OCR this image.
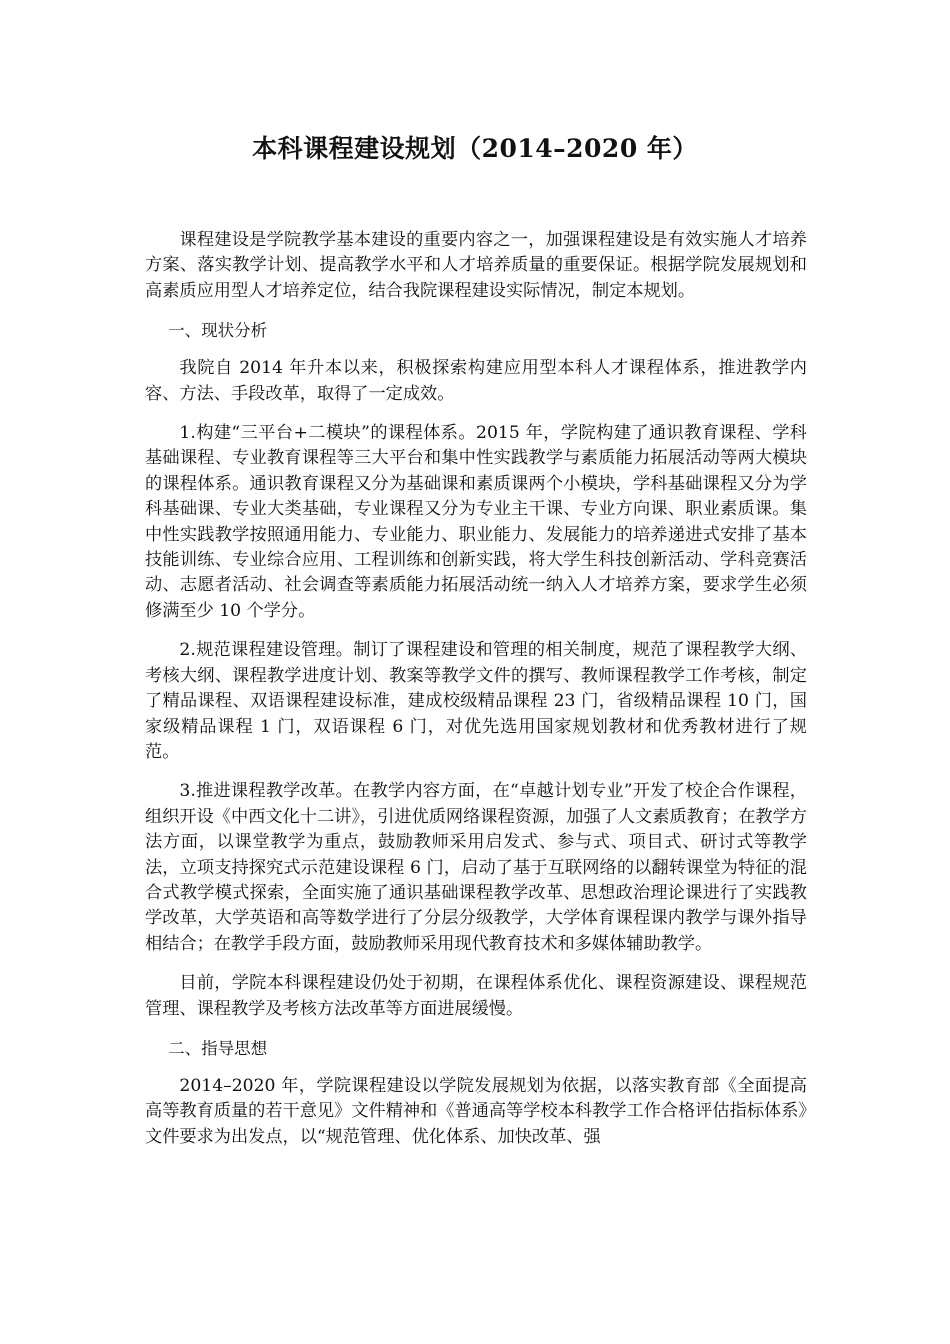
本科课程建设规划（2014–2020 年）

课程建设是学院教学基本建设的重要内容之一，加强课程建设是有效实施人才培养方案、落实教学计划、提高教学水平和人才培养质量的重要保证。根据学院发展规划和高素质应用型人才培养定位，结合我院课程建设实际情况，制定本规划。

一、现状分析

我院自 2014 年升本以来，积极探索构建应用型本科人才课程体系，推进教学内容、方法、手段改革，取得了一定成效。

1.构建“三平台+二模块”的课程体系。2015 年，学院构建了通识教育课程、学科基础课程、专业教育课程等三大平台和集中性实践教学与素质能力拓展活动等两大模块的课程体系。通识教育课程又分为基础课和素质课两个小模块，学科基础课程又分为学科基础课、专业大类基础，专业课程又分为专业主干课、专业方向课、职业素质课。集中性实践教学按照通用能力、专业能力、职业能力、发展能力的培养递进式安排了基本技能训练、专业综合应用、工程训练和创新实践，将大学生科技创新活动、学科竞赛活动、志愿者活动、社会调查等素质能力拓展活动统一纳入人才培养方案，要求学生必须修满至少 10 个学分。

2.规范课程建设管理。制订了课程建设和管理的相关制度，规范了课程教学大纲、考核大纲、课程教学进度计划、教案等教学文件的撰写、教师课程教学工作考核，制定了精品课程、双语课程建设标准，建成校级精品课程 23 门，省级精品课程 10 门，国家级精品课程 1 门，双语课程 6 门，对优先选用国家规划教材和优秀教材进行了规范。

3.推进课程教学改革。在教学内容方面，在“卓越计划专业”开发了校企合作课程，组织开设《中西文化十二讲》，引进优质网络课程资源，加强了人文素质教育；在教学方法方面，以课堂教学为重点，鼓励教师采用启发式、参与式、项目式、研讨式等教学法，立项支持探究式示范建设课程 6 门，启动了基于互联网络的以翻转课堂为特征的混合式教学模式探索，全面实施了通识基础课程教学改革、思想政治理论课进行了实践教学改革，大学英语和高等数学进行了分层分级教学，大学体育课程课内教学与课外指导相结合；在教学手段方面，鼓励教师采用现代教育技术和多媒体辅助教学。

目前，学院本科课程建设仍处于初期，在课程体系优化、课程资源建设、课程规范管理、课程教学及考核方法改革等方面进展缓慢。

二、指导思想

2014–2020 年，学院课程建设以学院发展规划为依据，以落实教育部《全面提高高等教育质量的若干意见》文件精神和《普通高等学校本科教学工作合格评估指标体系》文件要求为出发点，以“规范管理、优化体系、加快改革、强
